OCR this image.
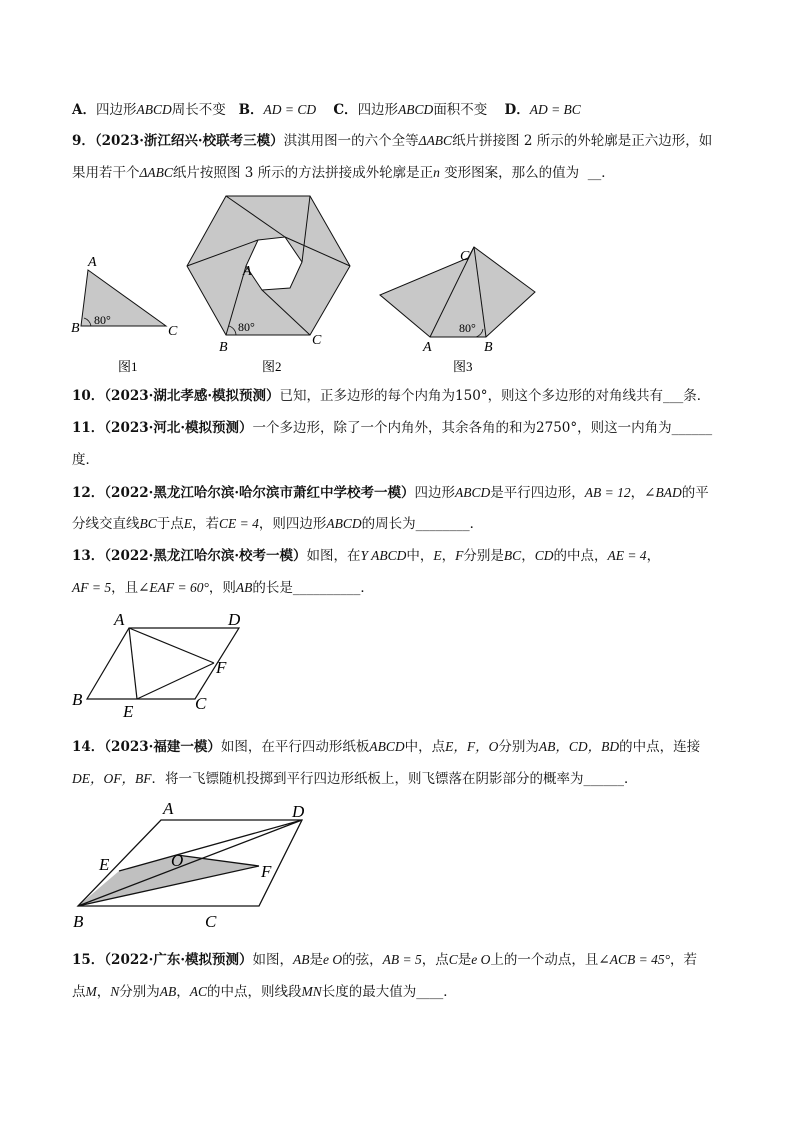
A．四边形ABCD周长不变 B．AD = CD C．四边形ABCD面积不变 D．AD = BC
9．（2023·浙江绍兴·校联考三模）淇淇用图一的六个全等ΔABC纸片拼接图 2 所示的外轮廓是正六边形，如
果用若干个ΔABC纸片按照图 3 所示的方法拼接成外轮廓是正n 变形图案，那么的值为 __．
A
B	C
80°
图1
A
B	C
80°
图2
C
A	B
80°
图3
10．（2023·湖北孝感·模拟预测）已知，正多边形的每个内角为150°，则这个多边形的对角线共有___条．
11．（2023·河北·模拟预测）一个多边形，除了一个内角外，其余各角的和为2750°，则这一内角为______
度．
12．（2022·黑龙江哈尔滨·哈尔滨市萧红中学校考一模）四边形ABCD是平行四边形，AB = 12，∠BAD的平
分线交直线BC于点E，若CE = 4，则四边形ABCD的周长为________．
13．（2022·黑龙江哈尔滨·校考一模）如图，在Y ABCD中，E，F分别是BC，CD的中点，AE = 4，
AF = 5，且∠EAF = 60°，则AB的长是__________．
A	D
F
B
E	C
14．（2023·福建一模）如图，在平行四动形纸板ABCD中，点E，F，O分别为AB，CD，BD的中点，连接
DE，OF，BF．将一飞镖随机投掷到平行四边形纸板上，则飞镖落在阴影部分的概率为______．
A	D
E	O
F
B	C
15．（2022·广东·模拟预测）如图，AB是e O的弦，AB = 5，点C是e O上的一个动点，且∠ACB = 45°，若
点M，N分别为AB，AC的中点，则线段MN长度的最大值为____．
